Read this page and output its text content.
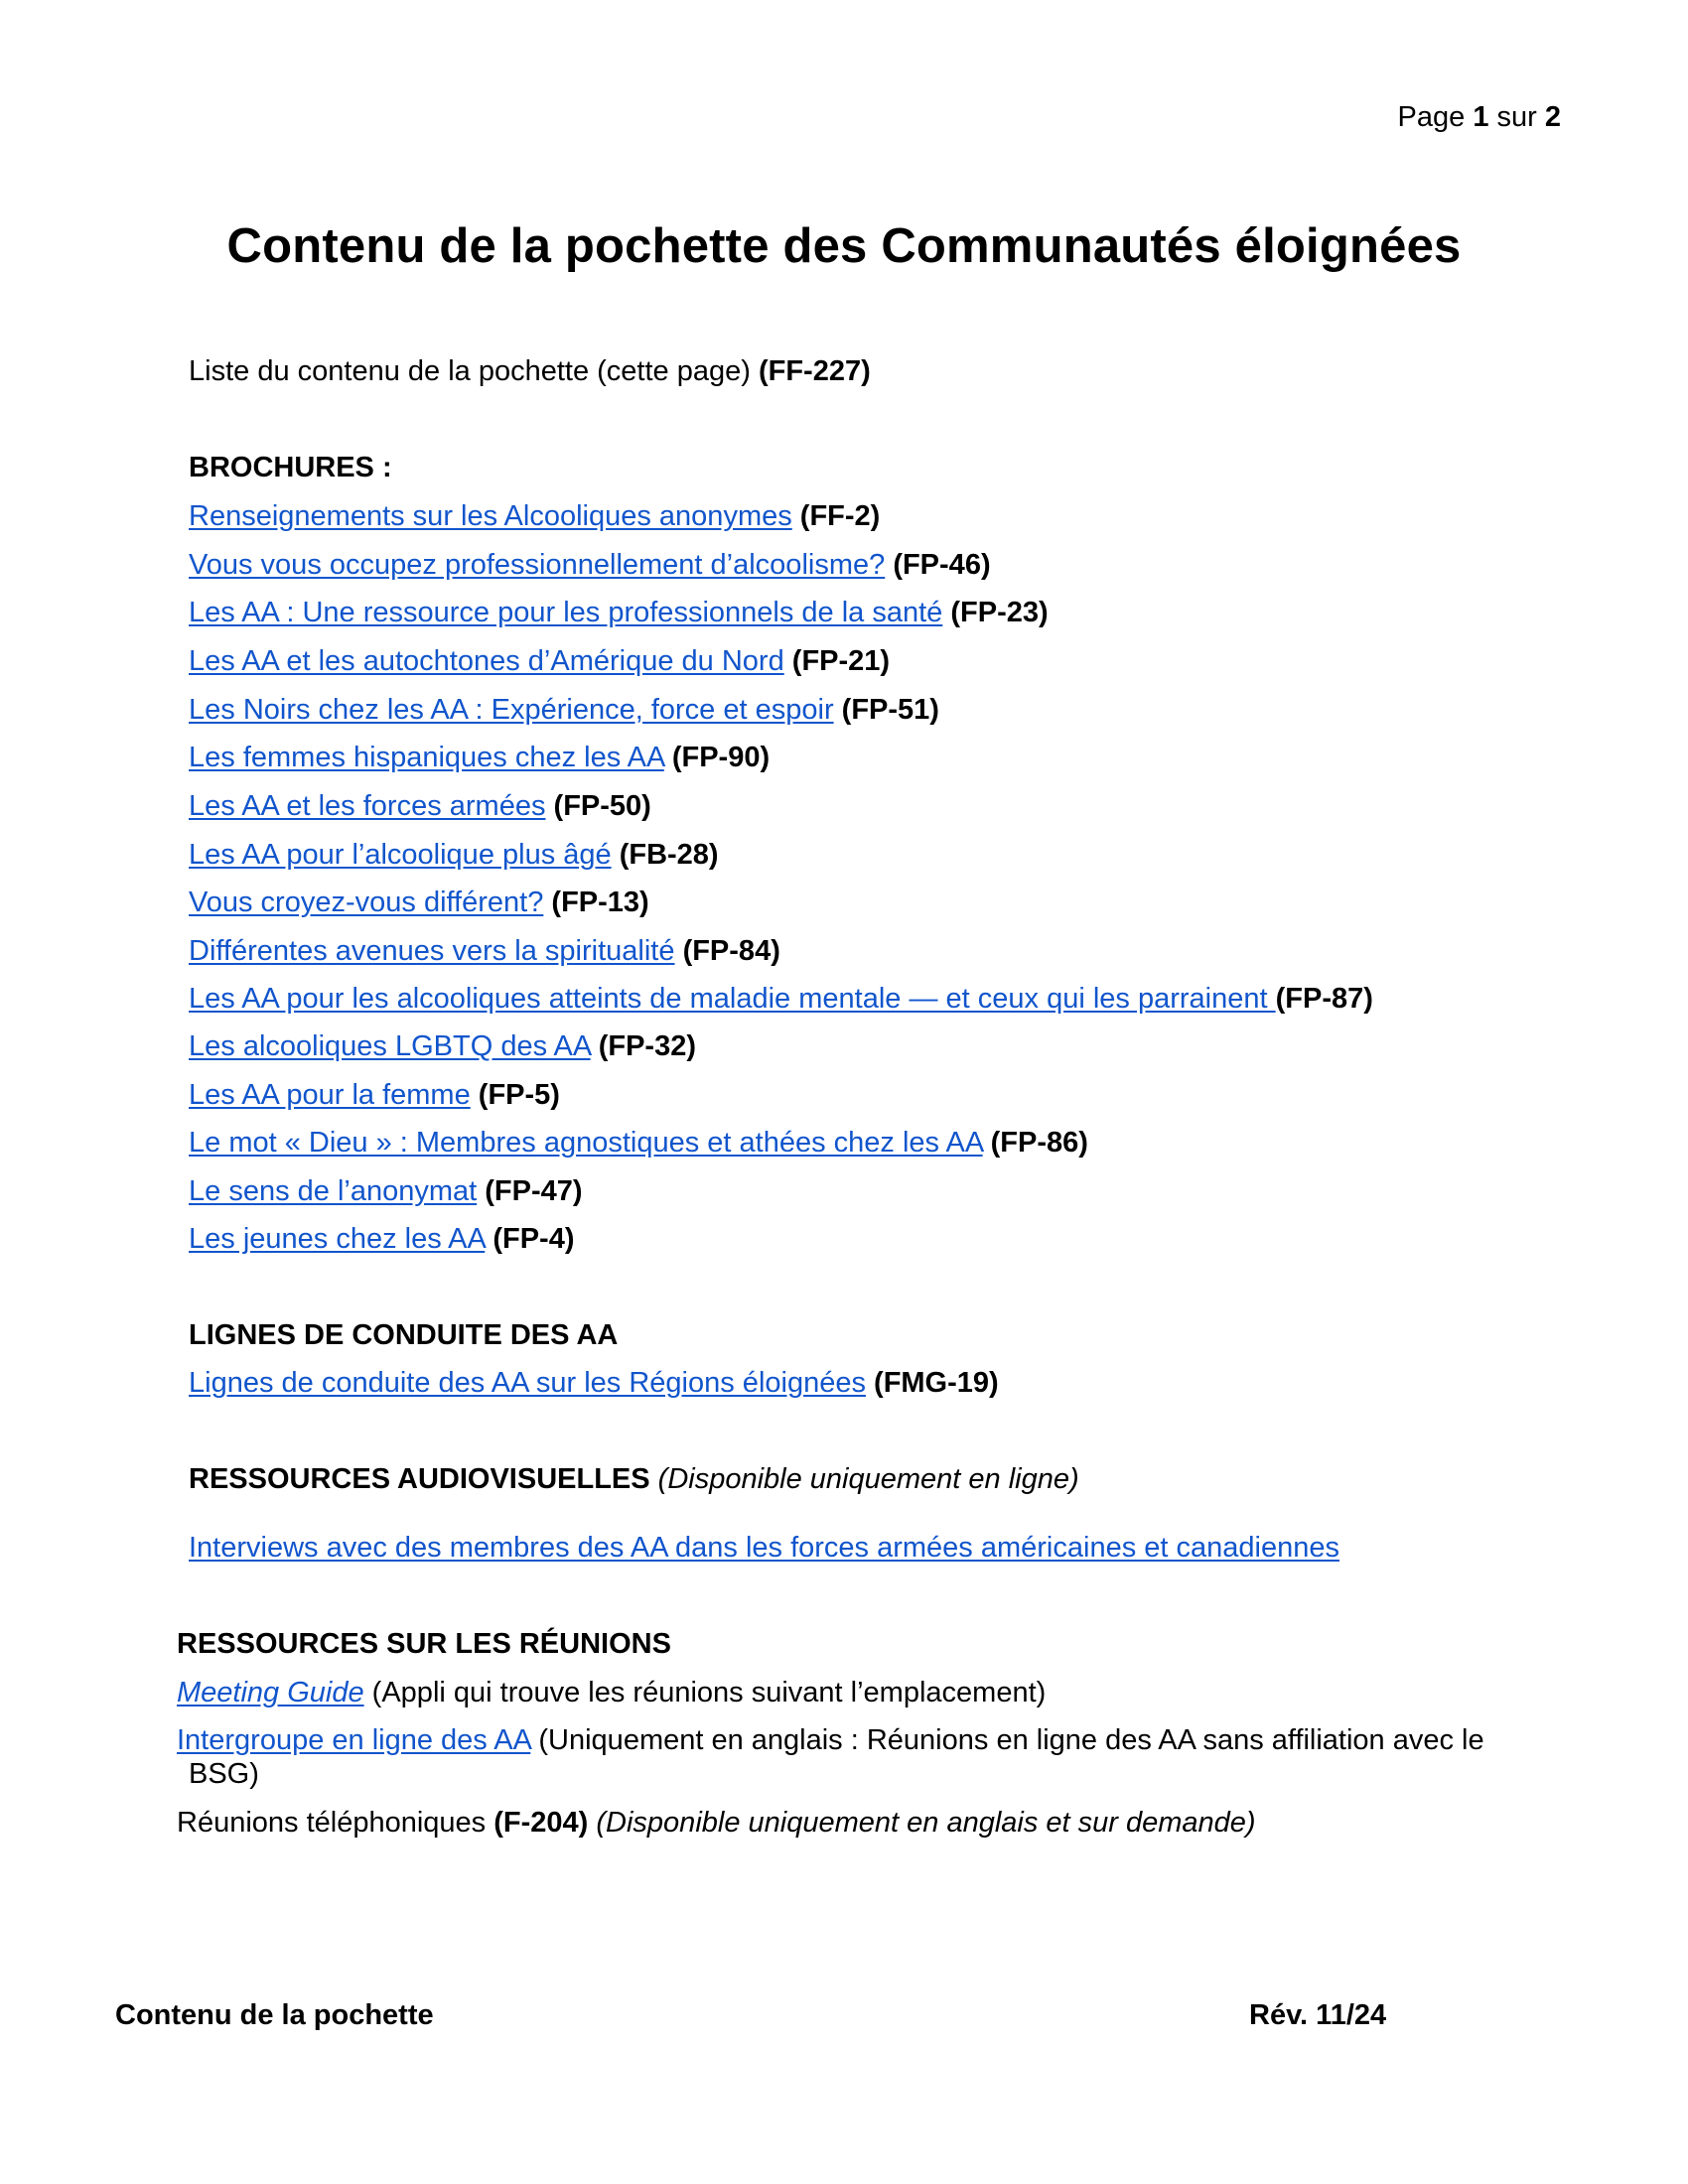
Page 1 sur 2
Contenu de la pochette des Communautés éloignées
Liste du contenu de la pochette (cette page) (FF-227)
BROCHURES :
Renseignements sur les Alcooliques anonymes (FF-2)
Vous vous occupez professionnellement d’alcoolisme? (FP-46)
Les AA : Une ressource pour les professionnels de la santé (FP-23)
Les AA et les autochtones d’Amérique du Nord (FP-21)
Les Noirs chez les AA : Expérience, force et espoir (FP-51)
Les femmes hispaniques chez les AA (FP-90)
Les AA et les forces armées (FP-50)
Les AA pour l’alcoolique plus âgé (FB-28)
Vous croyez-vous différent? (FP-13)
Différentes avenues vers la spiritualité (FP-84)
Les AA pour les alcooliques atteints de maladie mentale — et ceux qui les parrainent (FP-87)
Les alcooliques LGBTQ des AA (FP-32)
Les AA pour la femme (FP-5)
Le mot « Dieu » : Membres agnostiques et athées chez les AA (FP-86)
Le sens de l’anonymat (FP-47)
Les jeunes chez les AA (FP-4)
LIGNES DE CONDUITE DES AA
Lignes de conduite des AA sur les Régions éloignées (FMG-19)
RESSOURCES AUDIOVISUELLES (Disponible uniquement en ligne)
Interviews avec des membres des AA dans les forces armées américaines et canadiennes
RESSOURCES SUR LES RÉUNIONS
Meeting Guide (Appli qui trouve les réunions suivant l’emplacement)
Intergroupe en ligne des AA (Uniquement en anglais : Réunions en ligne des AA sans affiliation avec le
BSG)
Réunions téléphoniques (F-204) (Disponible uniquement en anglais et sur demande)
Contenu de la pochette	Rév. 11/24
